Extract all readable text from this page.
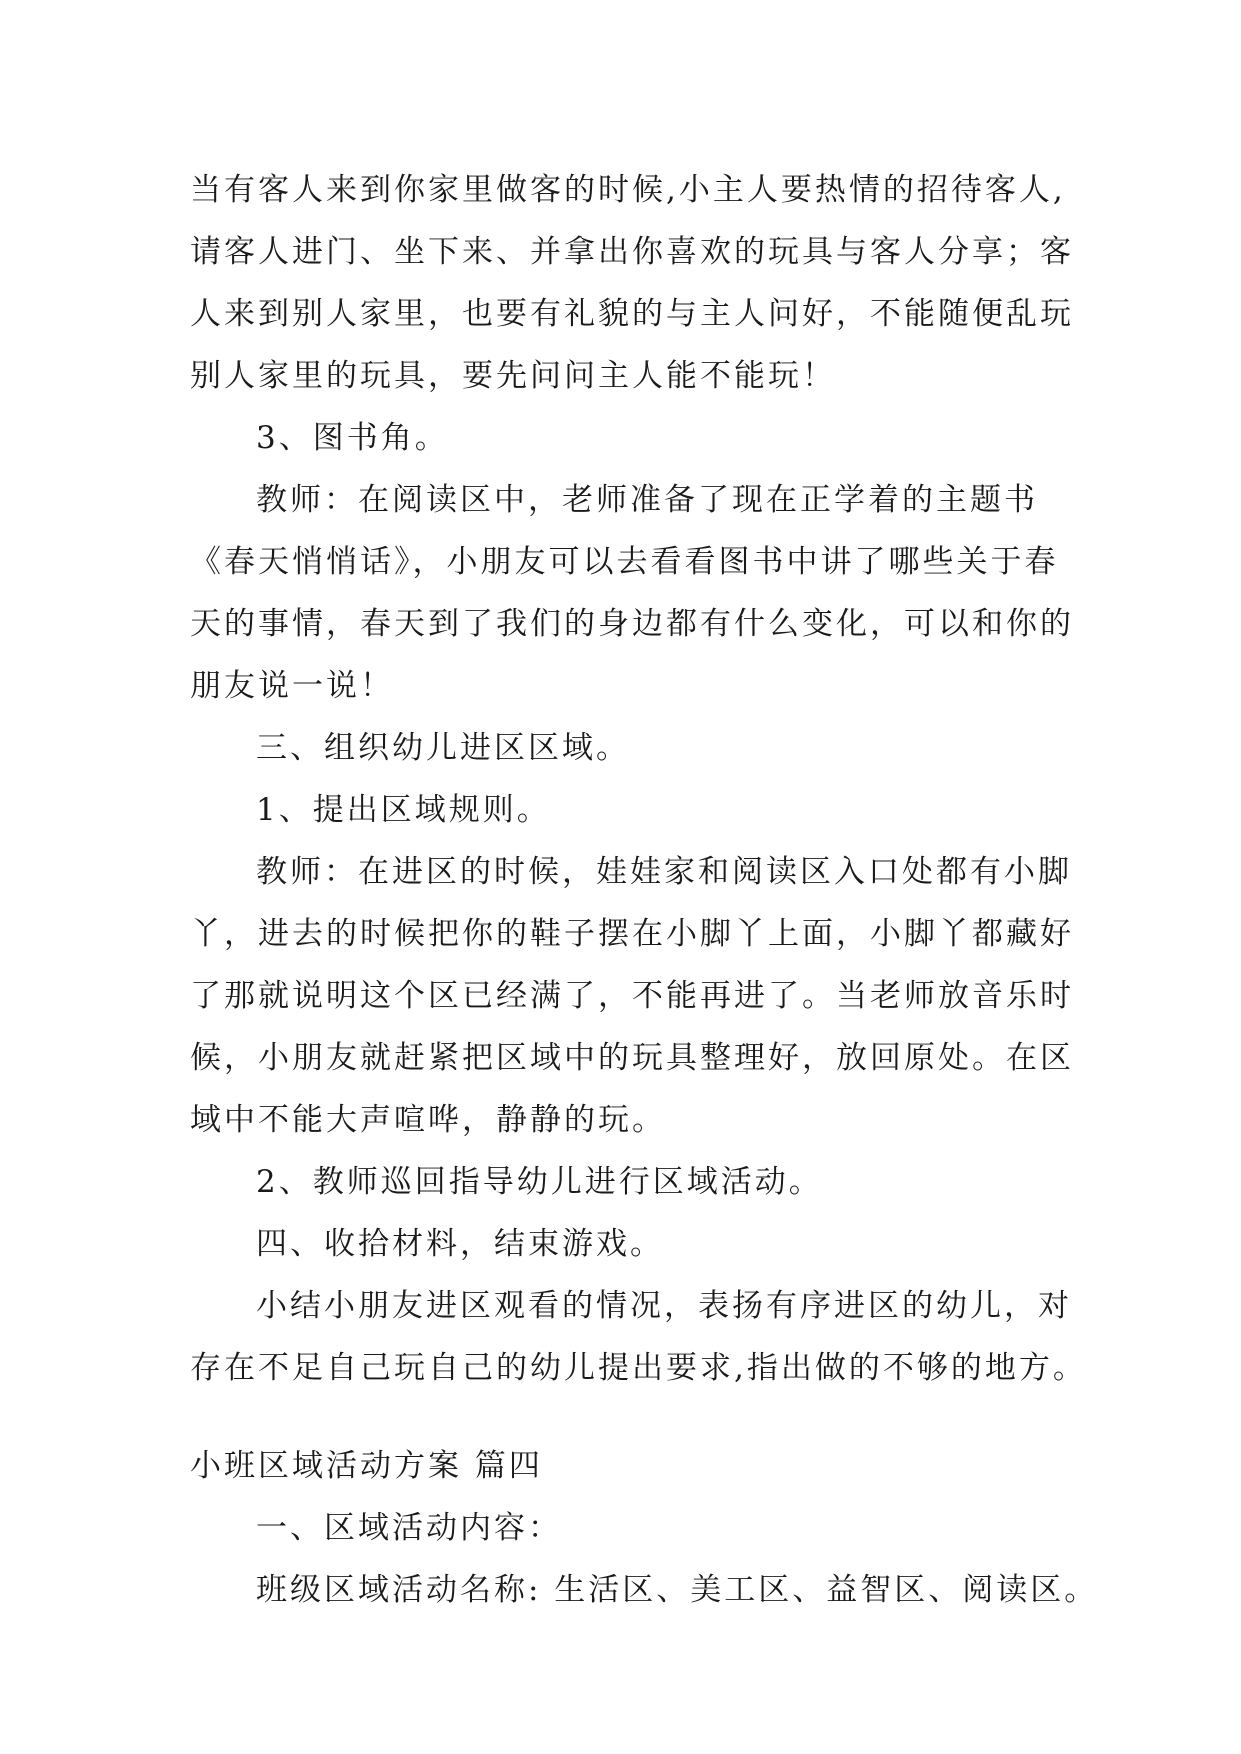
当有客人来到你家里做客的时候,小主人要热情的招待客人,
请客人进门、坐下来、并拿出你喜欢的玩具与客人分享；客
人来到别人家里，也要有礼貌的与主人问好，不能随便乱玩
别人家里的玩具，要先问问主人能不能玩！
3、图书角。
教师：在阅读区中，老师准备了现在正学着的主题书
《春天悄悄话》，小朋友可以去看看图书中讲了哪些关于春
天的事情，春天到了我们的身边都有什么变化，可以和你的
朋友说一说！
三、组织幼儿进区区域。
1、提出区域规则。
教师：在进区的时候，娃娃家和阅读区入口处都有小脚
丫，进去的时候把你的鞋子摆在小脚丫上面，小脚丫都藏好
了那就说明这个区已经满了，不能再进了。当老师放音乐时
候，小朋友就赶紧把区域中的玩具整理好，放回原处。在区
域中不能大声喧哗，静静的玩。
2、教师巡回指导幼儿进行区域活动。
四、收拾材料，结束游戏。
小结小朋友进区观看的情况，表扬有序进区的幼儿，对
存在不足自己玩自己的幼儿提出要求,指出做的不够的地方。
小班区域活动方案 篇四
一、区域活动内容：
班级区域活动名称: 生活区、美工区、益智区、阅读区。
